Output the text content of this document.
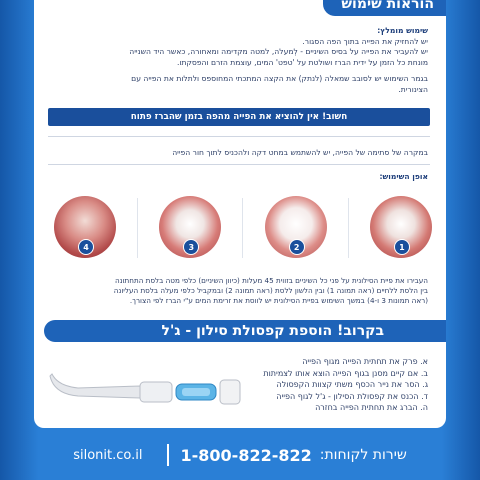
הוראות שימוש
שימוש מומלץ:
יש להחזיק את הפייה בתוך הפה הסגור.
יש להעביר את הפייה על בסיס השיניים - לְמעלה, למטה מקדימה ומאחורה, כאשר היד השנייה
מונחת כל הזמן על ידית הברז ושולטת על 'טפט' המים, עוצמת הזרם והפסקתו.
בגמר השימוש יש לסובב שמאלה (לנתק) את הקצה המתכתי המחוספס ולתלות את הפייה עם
הצינורית.
חשוב! אין להוציא את הפייה מהפה בזמן שהברז פתוח
במקרה של סתימה של הפייה, יש להשתמש במחט דקה ולהכניס לתוך חור הפייה
אופן השימוש:
4	3	2	1
העבירו את פיית הסילונית על פני כל השיניים בזווית 45 מעלות (כיוון השיניים) כלפי מטה בלסת התחתונה
בין הלסת ללחיים (ראה תמונה 1) ובין הלשון ללסת (ראה תמונה 2) ובמקביל כלפי מעלה בלסת העליונה
(ראה תמונות 3 ו-4) במשך השימוש בפיית הסילונית יש לווסת את זרימת המים ע"י הברז לפי הצורך.
בקרוב! הוספת קפסולת סילון - ג'ל
א. פרק את תחתית הפייה מגוף הפייה
ב. אם קיים מסנן בגוף הפייה הוצא אותו לצמיתות
ג. הסר את נייר הכסף משתי קצוות הקפסולה
ד. הכנס את קפסולת הסילון - ג'ל לגוף הפייה
ה. הברג את תחתית הפייה בחזרה
silonit.co.il 1-800-822-822 שירות לקוחות:
